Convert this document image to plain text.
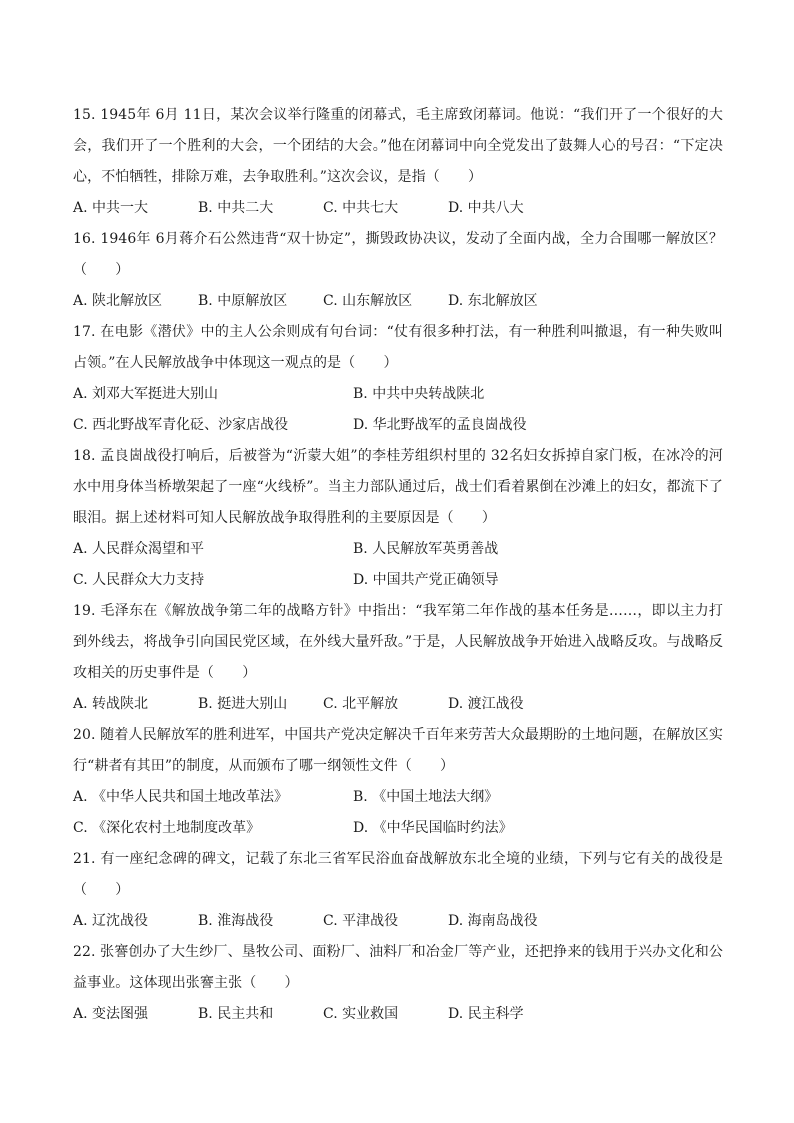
15. 1945年 6月 11日，某次会议举行隆重的闭幕式，毛主席致闭幕词。他说：“我们开了一个很好的大会，我们开了一个胜利的大会，一个团结的大会。”他在闭幕词中向全党发出了鼓舞人心的号召：“下定决心，不怕牺牲，排除万难，去争取胜利。”这次会议，是指（　　）

A. 中共一大	B. 中共二大	C. 中共七大	D. 中共八大

16. 1946年 6月蒋介石公然违背“双十协定”，撕毁政协决议，发动了全面内战，全力合围哪一解放区？（　　）

A. 陕北解放区	B. 中原解放区	C. 山东解放区	D. 东北解放区

17. 在电影《潜伏》中的主人公余则成有句台词：“仗有很多种打法，有一种胜利叫撤退，有一种失败叫占领。”在人民解放战争中体现这一观点的是（　　）

A. 刘邓大军挺进大别山	B. 中共中央转战陕北
C. 西北野战军青化砭、沙家店战役	D. 华北野战军的孟良崮战役

18. 孟良崮战役打响后，后被誉为“沂蒙大姐”的李桂芳组织村里的 32名妇女拆掉自家门板，在冰冷的河水中用身体当桥墩架起了一座“火线桥”。当主力部队通过后，战士们看着累倒在沙滩上的妇女，都流下了眼泪。据上述材料可知人民解放战争取得胜利的主要原因是（　　）

A. 人民群众渴望和平	B. 人民解放军英勇善战
C. 人民群众大力支持	D. 中国共产党正确领导

19. 毛泽东在《解放战争第二年的战略方针》中指出：“我军第二年作战的基本任务是……，即以主力打到外线去，将战争引向国民党区域，在外线大量歼敌。”于是，人民解放战争开始进入战略反攻。与战略反攻相关的历史事件是（　　）

A. 转战陕北	B. 挺进大别山	C. 北平解放	D. 渡江战役

20. 随着人民解放军的胜利进军，中国共产党决定解决千百年来劳苦大众最期盼的土地问题，在解放区实行“耕者有其田”的制度，从而颁布了哪一纲领性文件（　　）

A. 《中华人民共和国土地改革法》	B. 《中国土地法大纲》
C. 《深化农村土地制度改革》	D. 《中华民国临时约法》

21. 有一座纪念碑的碑文，记载了东北三省军民浴血奋战解放东北全境的业绩，下列与它有关的战役是（　　）

A. 辽沈战役	B. 淮海战役	C. 平津战役	D. 海南岛战役

22. 张謇创办了大生纱厂、垦牧公司、面粉厂、油料厂和冶金厂等产业，还把挣来的钱用于兴办文化和公益事业。这体现出张謇主张（　　）

A. 变法图强	B. 民主共和	C. 实业救国	D. 民主科学
